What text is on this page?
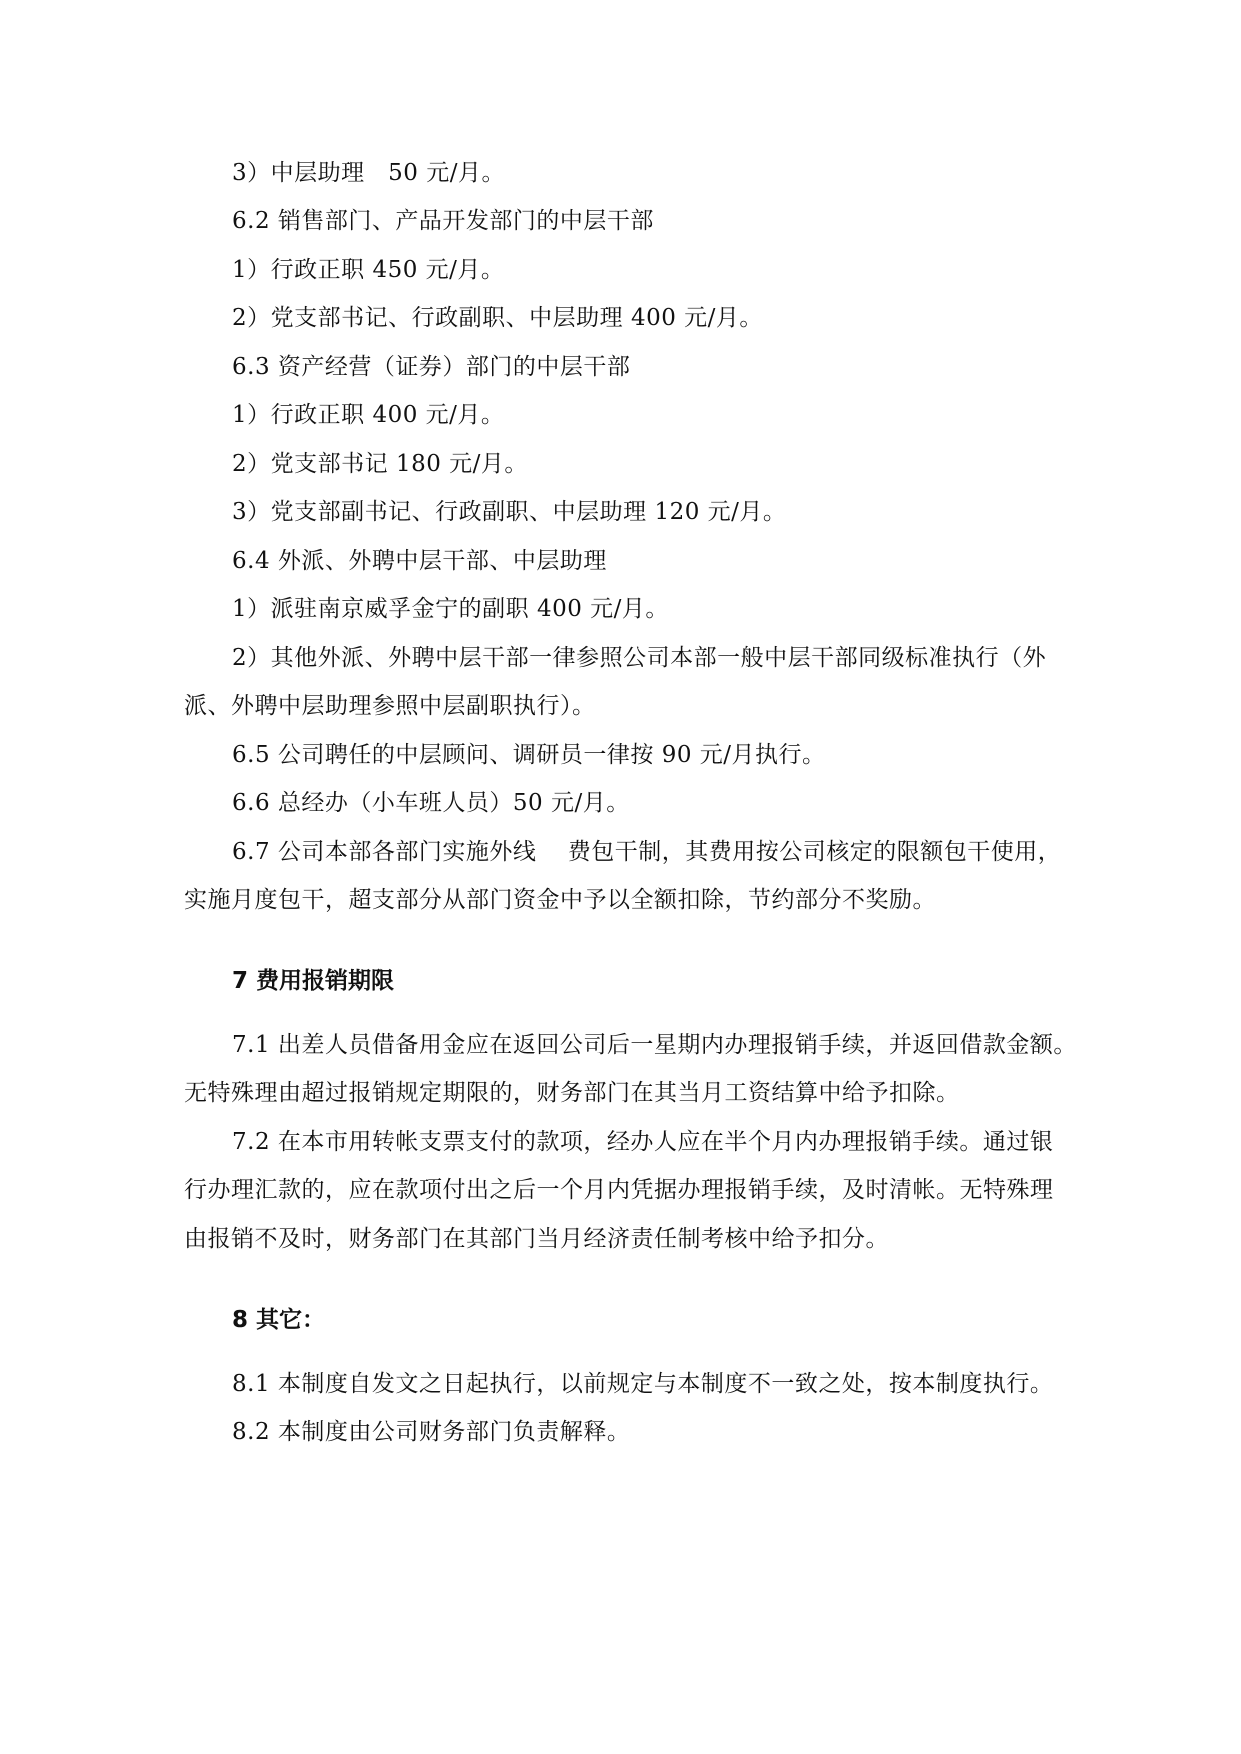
3）中层助理　50 元/月。
6.2 销售部门、产品开发部门的中层干部
1）行政正职 450 元/月。
2）党支部书记、行政副职、中层助理 400 元/月。
6.3 资产经营（证券）部门的中层干部
1）行政正职 400 元/月。
2）党支部书记 180 元/月。
3）党支部副书记、行政副职、中层助理 120 元/月。
6.4 外派、外聘中层干部、中层助理
1）派驻南京威孚金宁的副职 400 元/月。
2）其他外派、外聘中层干部一律参照公司本部一般中层干部同级标准执行（外
派、外聘中层助理参照中层副职执行）。
6.5 公司聘任的中层顾问、调研员一律按 90 元/月执行。
6.6 总经办（小车班人员）50 元/月。
6.7 公司本部各部门实施外线　 费包干制，其费用按公司核定的限额包干使用，
实施月度包干，超支部分从部门资金中予以全额扣除，节约部分不奖励。
7 费用报销期限
7.1 出差人员借备用金应在返回公司后一星期内办理报销手续，并返回借款金额。
无特殊理由超过报销规定期限的，财务部门在其当月工资结算中给予扣除。
7.2 在本市用转帐支票支付的款项，经办人应在半个月内办理报销手续。通过银
行办理汇款的，应在款项付出之后一个月内凭据办理报销手续，及时清帐。无特殊理
由报销不及时，财务部门在其部门当月经济责任制考核中给予扣分。
8 其它：
8.1 本制度自发文之日起执行，以前规定与本制度不一致之处，按本制度执行。
8.2 本制度由公司财务部门负责解释。
